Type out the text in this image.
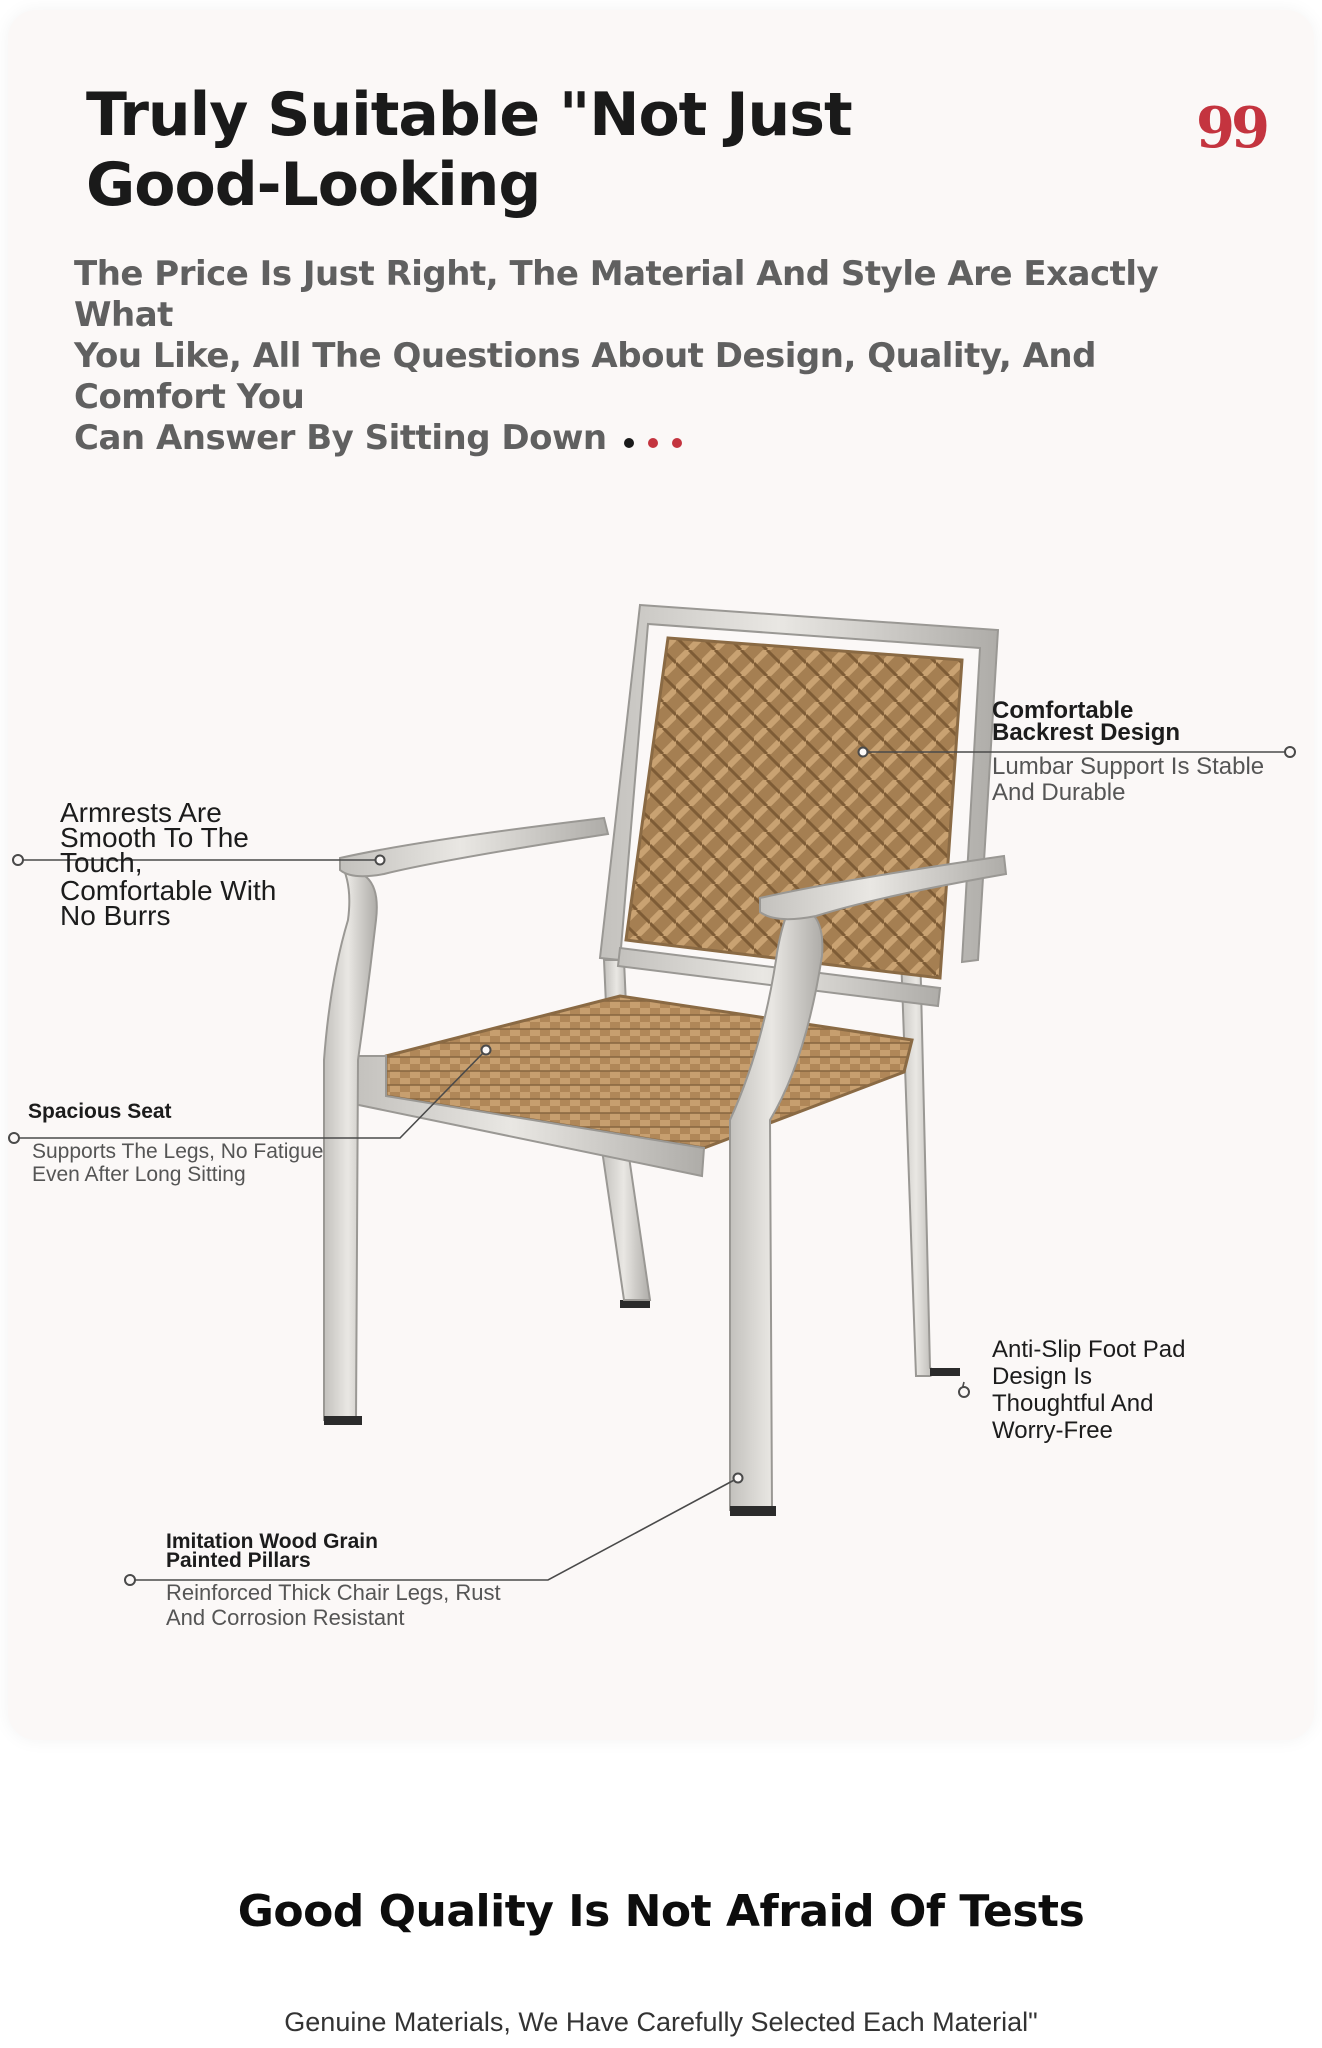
Truly Suitable "Not Just
Good-Looking
99

The Price Is Just Right, The Material And Style Are Exactly What
You Like, All The Questions About Design, Quality, And Comfort You
Can Answer By Sitting Down

Comfortable
Backrest Design
Lumbar Support Is Stable
And Durable
Armrests Are
Smooth To The
Touch,
Comfortable With
No Burrs
Spacious Seat
Supports The Legs, No Fatigue
Even After Long Sitting
Anti-Slip Foot Pad
Design Is
Thoughtful And
Worry-Free
Imitation Wood Grain
Painted Pillars
Reinforced Thick Chair Legs, Rust
And Corrosion Resistant
Good Quality Is Not Afraid Of Tests

Genuine Materials, We Have Carefully Selected Each Material"
